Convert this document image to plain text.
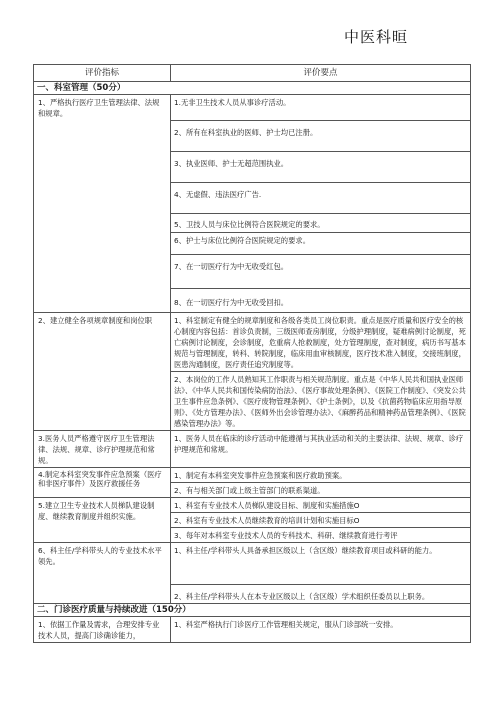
中医科晅
评价指标	评价要点
一、科室管理（50分）	
1、严格执行医疗卫生管理法律、法规和规章。	1.无非卫生技术人员从事诊疗活动。
	2、所有在科室执业的医师、护士均已注册。
	3、执业医师、护士无超范围执业。
	4、无虚假、违法医疗广告.
	5、卫技人员与床位比例符合医院规定的要求。
	6、护士与床位比例符合医院规定的要求。
	7、在一切医疗行为中无收受红包。
	8、在一切医疗行为中无收受回扣。
2、建立健全各项规章制度和岗位职	1、科室制定有健全的规章制度和各级各类员工岗位职责。重点是医疗质量和医疗安全的核心制度内容包括：首诊负责制，三级医师查房制度，分级护理制度，疑难病例讨论制度，死亡病例讨论制度，会诊制度，危重病人抢救制度，处方管理制度，查对制度，病历书写基本规范与管理制度，转科、转院制度，临床用血审核制度，医疗技术准入制度，交接班制度，医患沟通制度，医疗责任追究制度等。
	2、本岗位的工作人员熟知其工作职责与相关规范制度。重点是《中华人民共和国执业医师法》、《中华人民共和国传染病防治法》、《医疗事故处理条例》、《医院工作制度》、《突发公共卫生事件应急条例》、《医疗废物管理条例》、《护士条例》，以及《抗菌药物临床应用指导原则》、《处方管理办法》、《医师外出会诊管理办法》、《麻醉药品和精神药品管理条例》、《医院感染管理办法》等。
3.医务人员严格遵守医疗卫生管理法律、法规、规章、诊疗护理规范和常规。	1、医务人员在临床的诊疗活动中能遵循与其执业活动和关的主要法律、法规、规章、诊疗护理规范和常规。
4.制定本科室突发事件应急预案（医疗和非医疗事件）及医疗救援任务	1、制定有本科室突发事件应急预案和医疗救助预案。
	2、有与相关部门或上级主管部门的联系渠道。
5.建立卫生专业技术人员梯队建设制度、继续教育制度并组织实施。	1、科室有专业技术人员梯队建设目标、制度和实施措施O
	2、科室有专业技术人员继续教育的培训计划和实施目标O
	3、每年对本科室专业技术人员的专科技术、科研、继续教育进行考评
6、科主任/学科带头人的专业技术水平领先。	1、科主任/学科带头人具备承担区级以上（含区级）继续教育项目或科研的能力。
	2、科主任/学科带头人在本专业区级以上（含区级）学术组织任委员以上职务。
二、门诊医疗质量与持续改进（150分）	
1、依据工作量及需求，合理安排专业技术人员，提高门诊确诊能力，	1、科室严格执行门诊医疗工作管理相关规定，服从门诊部统一安排。
